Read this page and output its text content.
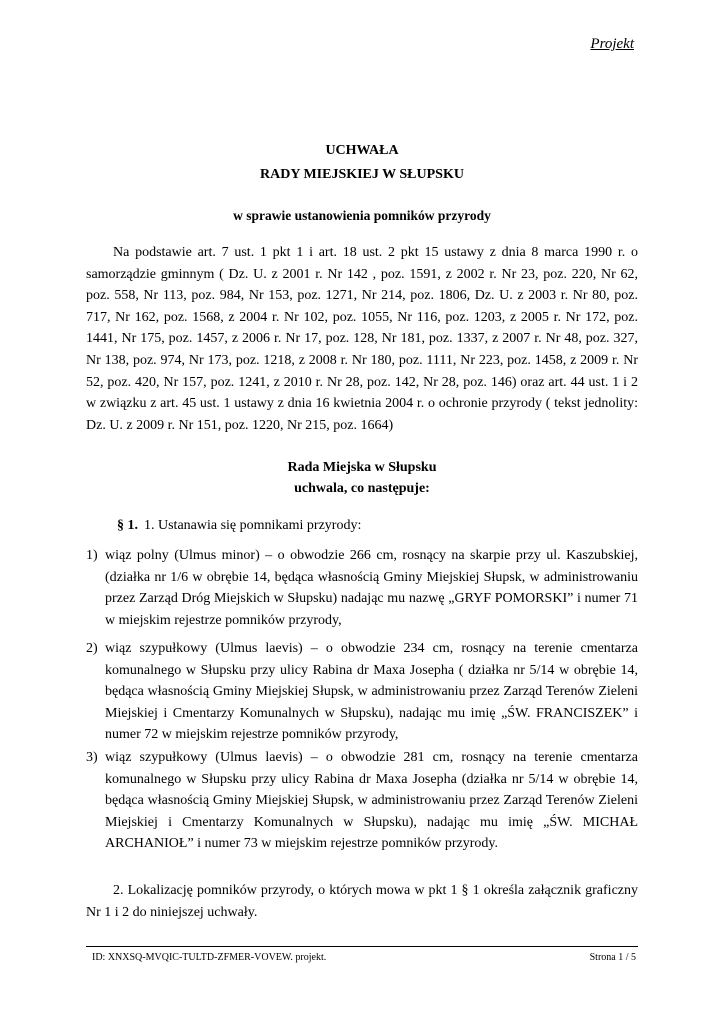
Projekt
UCHWAŁA
RADY MIEJSKIEJ W SŁUPSKU
w sprawie ustanowienia pomników przyrody

Na podstawie art. 7 ust. 1 pkt 1 i art. 18 ust. 2 pkt 15 ustawy z dnia 8 marca 1990 r. o samorządzie gminnym ( Dz. U. z 2001 r. Nr 142 , poz. 1591, z 2002 r. Nr 23, poz. 220, Nr 62, poz. 558, Nr 113, poz. 984, Nr 153, poz. 1271, Nr 214, poz. 1806, Dz. U. z 2003 r. Nr 80, poz. 717, Nr 162, poz. 1568, z 2004 r. Nr 102, poz. 1055, Nr 116, poz. 1203, z 2005 r. Nr 172, poz. 1441, Nr 175, poz. 1457, z 2006 r. Nr 17, poz. 128, Nr 181, poz. 1337, z 2007 r. Nr 48, poz. 327, Nr 138, poz. 974, Nr 173, poz. 1218, z 2008 r. Nr 180, poz. 1111, Nr 223, poz. 1458, z 2009 r. Nr 52, poz. 420, Nr 157, poz. 1241, z 2010 r. Nr 28, poz. 142, Nr 28, poz. 146) oraz art. 44 ust. 1 i 2 w związku z art. 45 ust. 1 ustawy z dnia 16 kwietnia 2004 r. o ochronie przyrody ( tekst jednolity: Dz. U. z 2009 r. Nr 151, poz. 1220, Nr 215, poz. 1664)

Rada Miejska w Słupsku
uchwala, co następuje:
§ 1. 1. Ustanawia się pomnikami przyrody:
1) wiąz polny (Ulmus minor) – o obwodzie 266 cm, rosnący na skarpie przy ul. Kaszubskiej, (działka nr 1/6 w obrębie 14, będąca własnością Gminy Miejskiej Słupsk, w administrowaniu przez Zarząd Dróg Miejskich w Słupsku) nadając mu nazwę „GRYF POMORSKI” i numer 71 w miejskim rejestrze pomników przyrody,
2) wiąz szypułkowy (Ulmus laevis) – o obwodzie 234 cm, rosnący na terenie cmentarza komunalnego w Słupsku przy ulicy Rabina dr Maxa Josepha ( działka nr 5/14 w obrębie 14, będąca własnością Gminy Miejskiej Słupsk, w administrowaniu przez Zarząd Terenów Zieleni Miejskiej i Cmentarzy Komunalnych w Słupsku), nadając mu imię „ŚW. FRANCISZEK” i numer 72 w miejskim rejestrze pomników przyrody,
3) wiąz szypułkowy (Ulmus laevis) – o obwodzie 281 cm, rosnący na terenie cmentarza komunalnego w Słupsku przy ulicy Rabina dr Maxa Josepha (działka nr 5/14 w obrębie 14, będąca własnością Gminy Miejskiej Słupsk, w administrowaniu przez Zarząd Terenów Zieleni Miejskiej i Cmentarzy Komunalnych w Słupsku), nadając mu imię „ŚW. MICHAŁ ARCHANIOŁ” i numer 73 w miejskim rejestrze pomników przyrody.

2. Lokalizację pomników przyrody, o których mowa w pkt 1 § 1 określa załącznik graficzny Nr 1 i 2 do niniejszej uchwały.

ID: XNXSQ-MVQIC-TULTD-ZFMER-VOVEW. projekt.	Strona 1 / 5
